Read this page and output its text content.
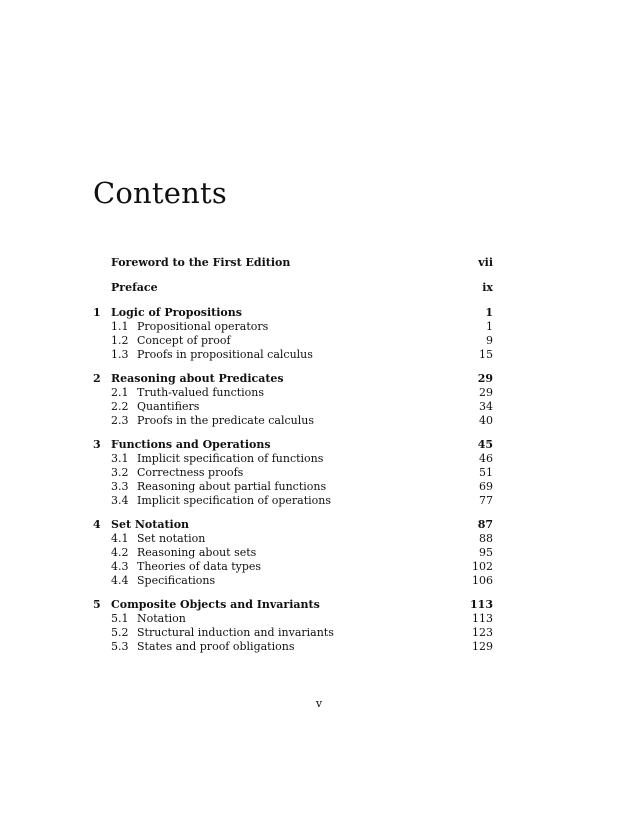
Contents
Foreword to the First Edition	vii
Preface	ix
1 Logic of Propositions	1
1.1 Propositional operators	1
1.2 Concept of proof	9
1.3 Proofs in propositional calculus	15
2 Reasoning about Predicates	29
2.1 Truth-valued functions	29
2.2 Quantifiers	34
2.3 Proofs in the predicate calculus	40
3 Functions and Operations	45
3.1 Implicit specification of functions	46
3.2 Correctness proofs	51
3.3 Reasoning about partial functions	69
3.4 Implicit specification of operations	77
4 Set Notation	87
4.1 Set notation	88
4.2 Reasoning about sets	95
4.3 Theories of data types	102
4.4 Specifications	106
5 Composite Objects and Invariants	113
5.1 Notation	113
5.2 Structural induction and invariants	123
5.3 States and proof obligations	129
v
